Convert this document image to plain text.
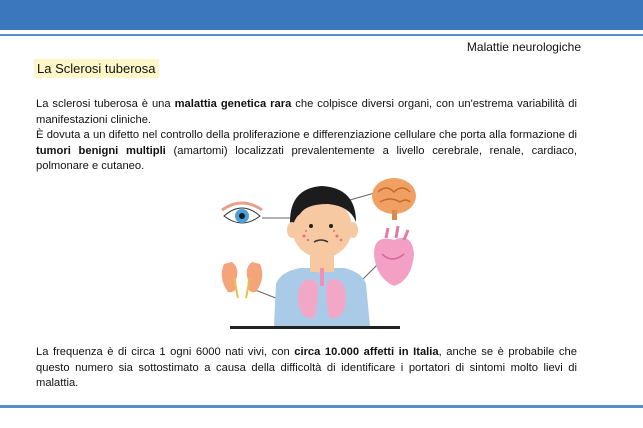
Malattie neurologiche
La Sclerosi tuberosa

La sclerosi tuberosa è una malattia genetica rara che colpisce diversi organi, con un'estrema variabilità di manifestazioni cliniche.
È dovuta a un difetto nel controllo della proliferazione e differenziazione cellulare che porta alla formazione di tumori benigni multipli (amartomi) localizzati prevalentemente a livello cerebrale, renale, cardiaco, polmonare e cutaneo.

La frequenza è di circa 1 ogni 6000 nati vivi, con circa 10.000 affetti in Italia, anche se è probabile che questo numero sia sottostimato a causa della difficoltà di identificare i portatori di sintomi molto lievi di malattia.
